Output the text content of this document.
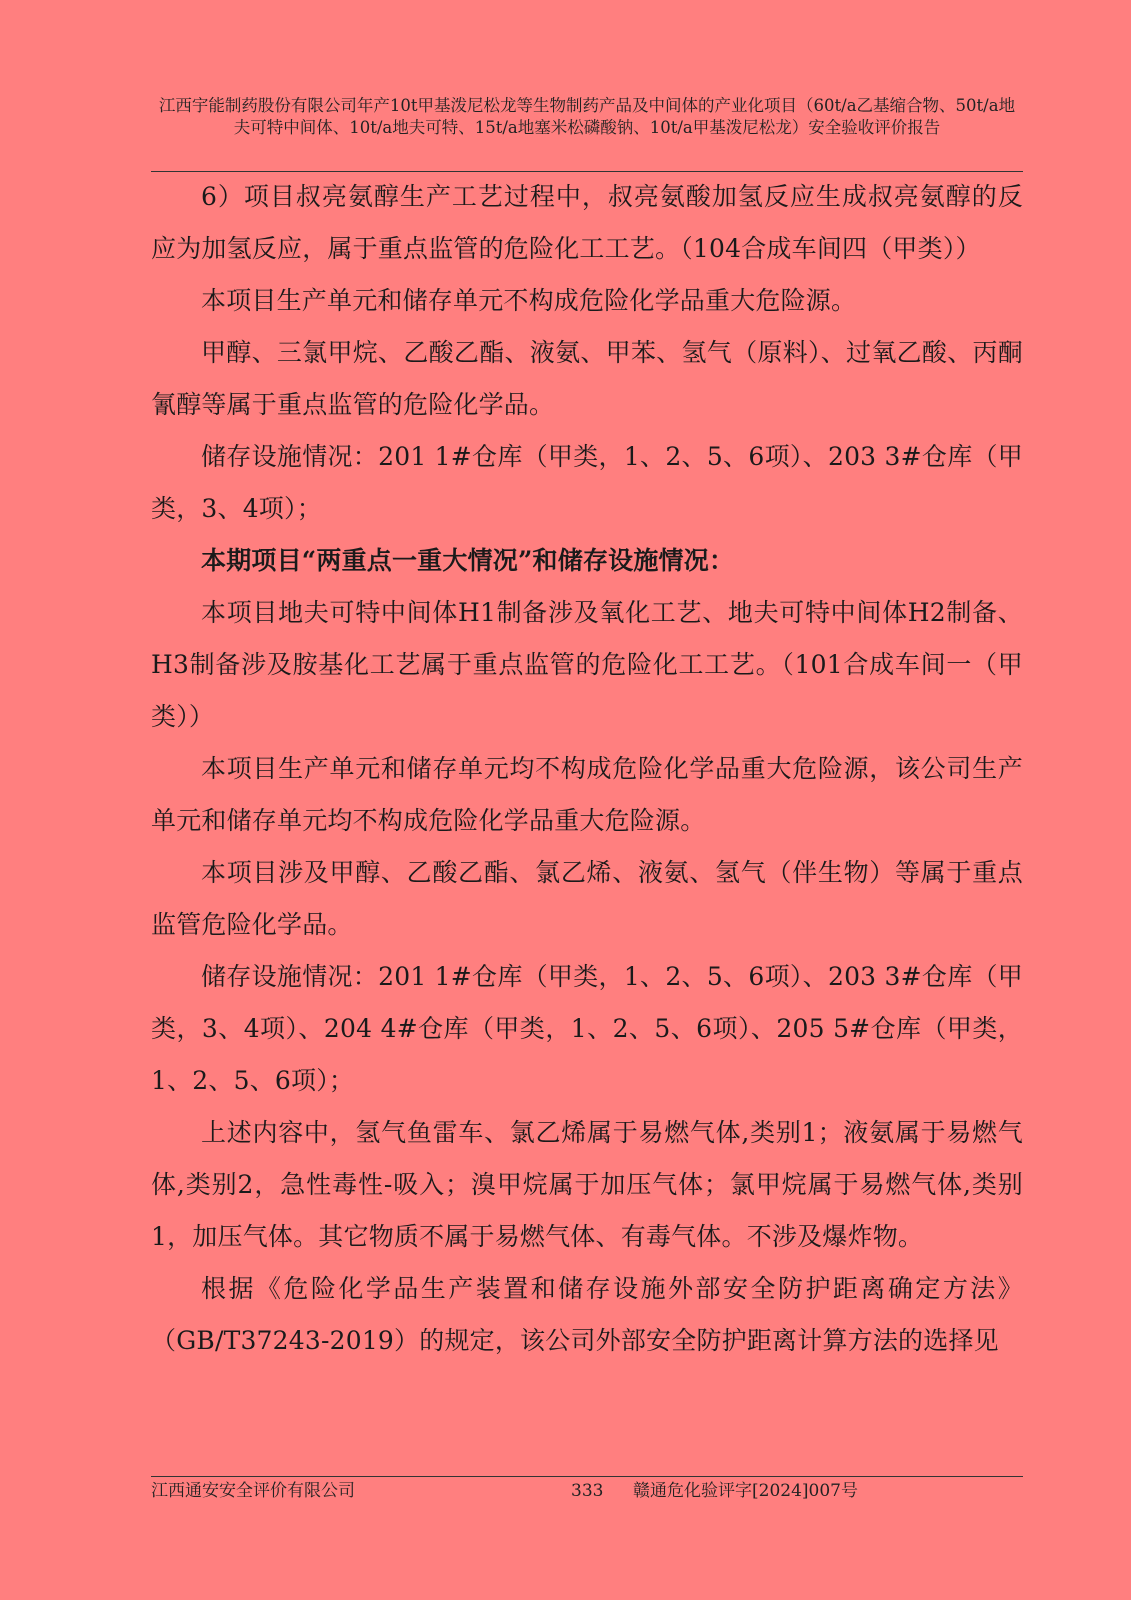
江西宇能制药股份有限公司年产10t甲基泼尼松龙等生物制药产品及中间体的产业化项目（60t/a乙基缩合物、50t/a地夫可特中间体、10t/a地夫可特、15t/a地塞米松磷酸钠、10t/a甲基泼尼松龙）安全验收评价报告

6）项目叔亮氨醇生产工艺过程中，叔亮氨酸加氢反应生成叔亮氨醇的反应为加氢反应，属于重点监管的危险化工工艺。（104合成车间四（甲类））

本项目生产单元和储存单元不构成危险化学品重大危险源。

甲醇、三氯甲烷、乙酸乙酯、液氨、甲苯、氢气（原料）、过氧乙酸、丙酮氰醇等属于重点监管的危险化学品。

储存设施情况：201 1#仓库（甲类，1、2、5、6项）、203 3#仓库（甲类，3、4项）；

本期项目“两重点一重大情况”和储存设施情况：

本项目地夫可特中间体H1制备涉及氧化工艺、地夫可特中间体H2制备、H3制备涉及胺基化工艺属于重点监管的危险化工工艺。（101合成车间一（甲类））

本项目生产单元和储存单元均不构成危险化学品重大危险源，该公司生产单元和储存单元均不构成危险化学品重大危险源。

本项目涉及甲醇、乙酸乙酯、氯乙烯、液氨、氢气（伴生物）等属于重点监管危险化学品。

储存设施情况：201 1#仓库（甲类，1、2、5、6项）、203 3#仓库（甲类，3、4项）、204 4#仓库（甲类，1、2、5、6项）、205 5#仓库（甲类，1、2、5、6项）；

上述内容中，氢气鱼雷车、氯乙烯属于易燃气体,类别1；液氨属于易燃气体,类别2，急性毒性-吸入；溴甲烷属于加压气体；氯甲烷属于易燃气体,类别1，加压气体。其它物质不属于易燃气体、有毒气体。不涉及爆炸物。

根据《危险化学品生产装置和储存设施外部安全防护距离确定方法》（GB/T37243-2019）的规定，该公司外部安全防护距离计算方法的选择见

江西通安安全评价有限公司	333 赣通危化验评字[2024]007号
